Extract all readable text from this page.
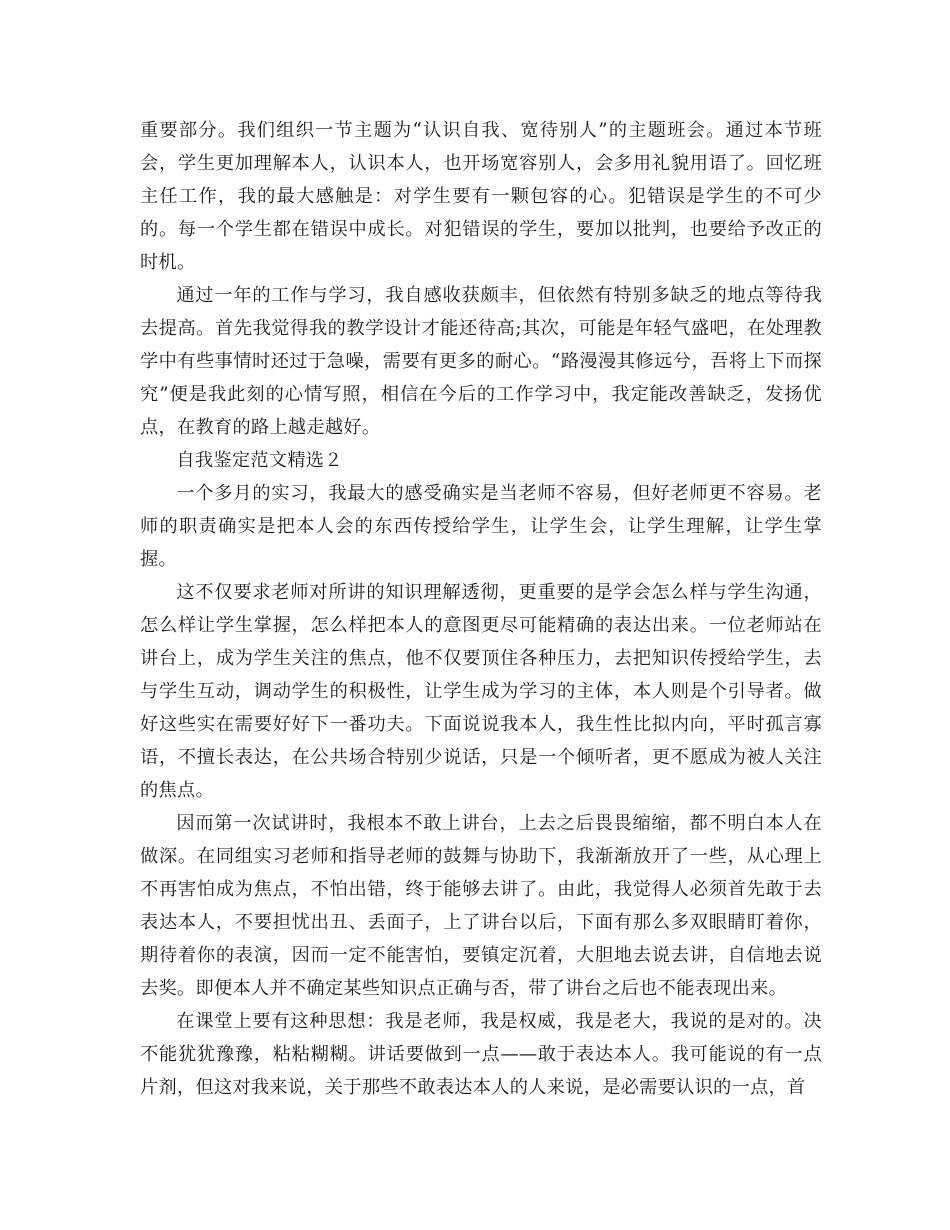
重要部分。我们组织一节主题为“认识自我、宽待别人”的主题班会。通过本节班会，学生更加理解本人，认识本人，也开场宽容别人，会多用礼貌用语了。回忆班主任工作，我的最大感触是：对学生要有一颗包容的心。犯错误是学生的不可少的。每一个学生都在错误中成长。对犯错误的学生，要加以批判，也要给予改正的时机。

通过一年的工作与学习，我自感收获颇丰，但依然有特别多缺乏的地点等待我去提高。首先我觉得我的教学设计才能还待高;其次，可能是年轻气盛吧，在处理教学中有些事情时还过于急噪，需要有更多的耐心。“路漫漫其修远兮，吾将上下而探究”便是我此刻的心情写照，相信在今后的工作学习中，我定能改善缺乏，发扬优点，在教育的路上越走越好。

自我鉴定范文精选２

一个多月的实习，我最大的感受确实是当老师不容易，但好老师更不容易。老师的职责确实是把本人会的东西传授给学生，让学生会，让学生理解，让学生掌握。

这不仅要求老师对所讲的知识理解透彻，更重要的是学会怎么样与学生沟通，怎么样让学生掌握，怎么样把本人的意图更尽可能精确的表达出来。一位老师站在讲台上，成为学生关注的焦点，他不仅要顶住各种压力，去把知识传授给学生，去与学生互动，调动学生的积极性，让学生成为学习的主体，本人则是个引导者。做好这些实在需要好好下一番功夫。下面说说我本人，我生性比拟内向，平时孤言寡语，不擅长表达，在公共场合特别少说话，只是一个倾听者，更不愿成为被人关注的焦点。

因而第一次试讲时，我根本不敢上讲台，上去之后畏畏缩缩，都不明白本人在做深。在同组实习老师和指导老师的鼓舞与协助下，我渐渐放开了一些，从心理上不再害怕成为焦点，不怕出错，终于能够去讲了。由此，我觉得人必须首先敢于去表达本人，不要担忧出丑、丢面子，上了讲台以后，下面有那么多双眼睛盯着你，期待着你的表演，因而一定不能害怕，要镇定沉着，大胆地去说去讲，自信地去说去奖。即便本人并不确定某些知识点正确与否，带了讲台之后也不能表现出来。

在课堂上要有这种思想：我是老师，我是权威，我是老大，我说的是对的。决不能犹犹豫豫，粘粘糊糊。讲话要做到一点——敢于表达本人。我可能说的有一点片剂，但这对我来说，关于那些不敢表达本人的人来说，是必需要认识的一点，首
